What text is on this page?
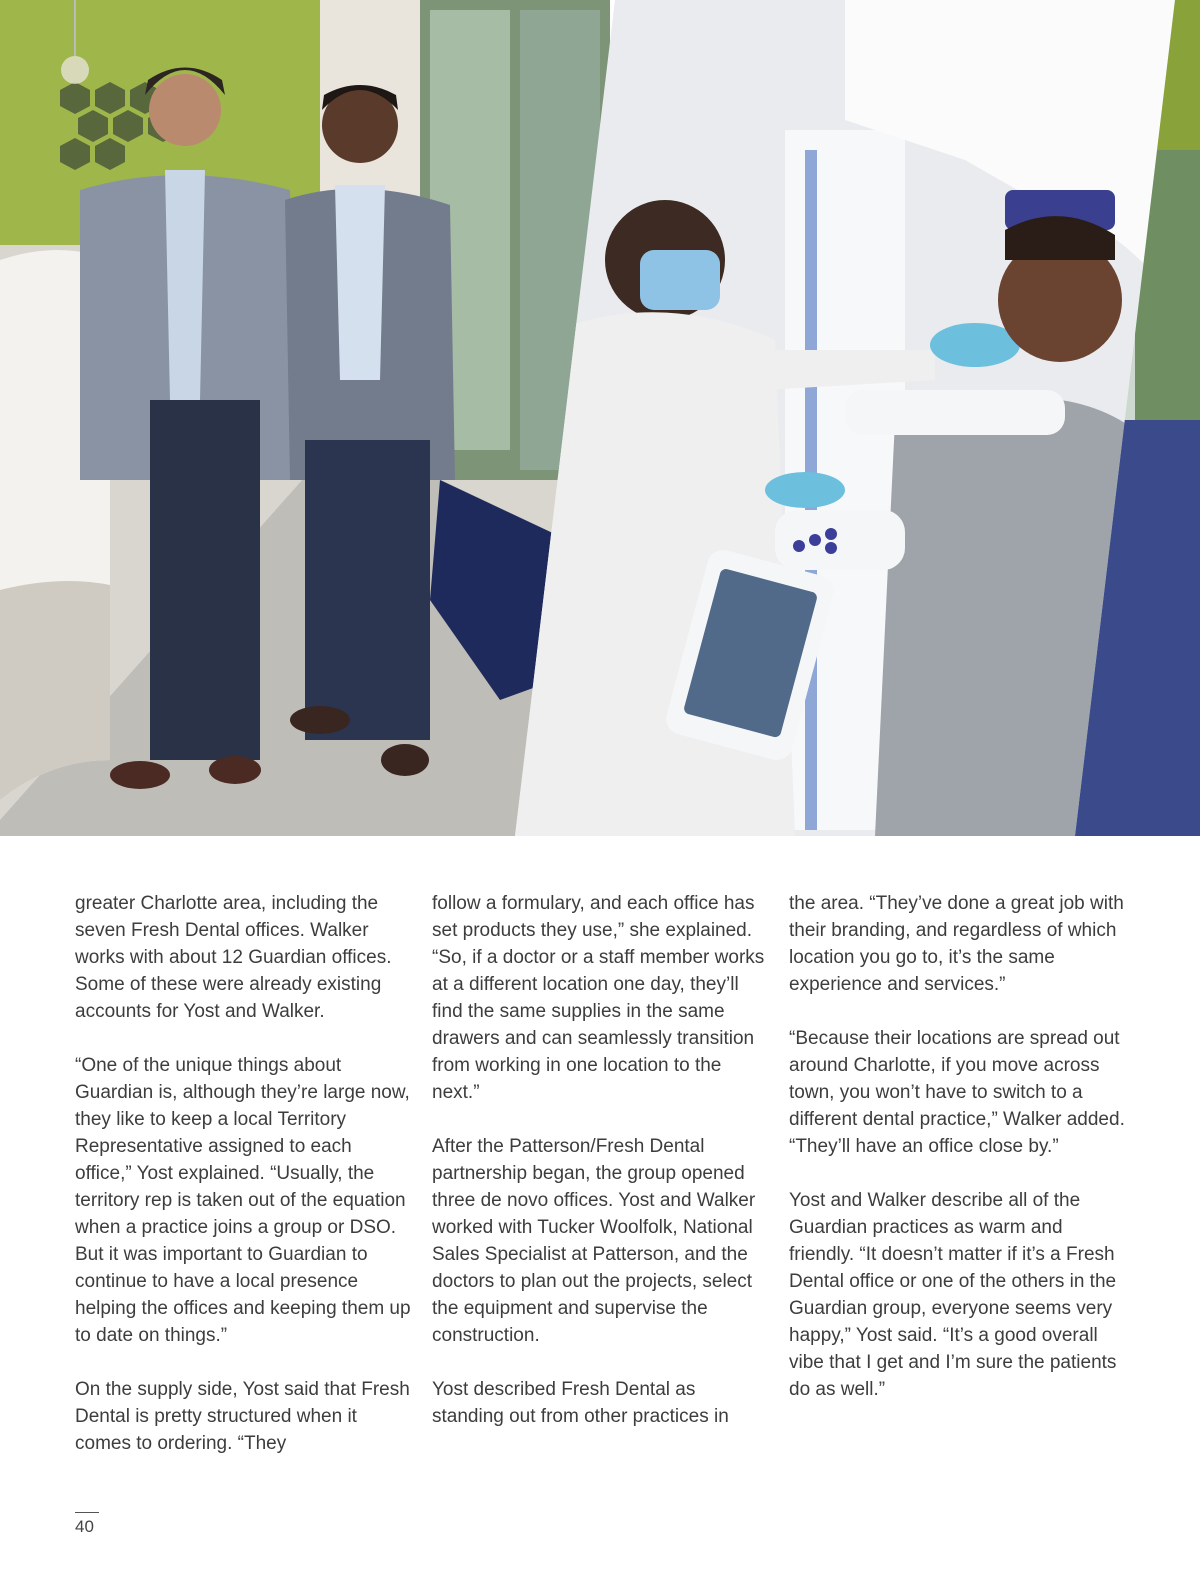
greater Charlotte area, including the seven Fresh Dental offices. Walker works with about 12 Guardian offices. Some of these were already existing accounts for Yost and Walker.

“One of the unique things about Guardian is, although they’re large now, they like to keep a local Territory Representative assigned to each office,” Yost explained. “Usually, the territory rep is taken out of the equation when a practice joins a group or DSO. But it was important to Guardian to continue to have a local presence helping the offices and keeping them up to date on things.”

On the supply side, Yost said that Fresh Dental is pretty structured when it comes to ordering. “They

follow a formulary, and each office has set products they use,” she explained. “So, if a doctor or a staff member works at a different location one day, they’ll find the same supplies in the same drawers and can seamlessly transition from working in one location to the next.”

After the Patterson/Fresh Dental partnership began, the group opened three de novo offices. Yost and Walker worked with Tucker Woolfolk, National Sales Specialist at Patterson, and the doctors to plan out the projects, select the equipment and supervise the construction.

Yost described Fresh Dental as standing out from other practices in

the area. “They’ve done a great job with their branding, and regardless of which location you go to, it’s the same experience and services.”

“Because their locations are spread out around Charlotte, if you move across town, you won’t have to switch to a different dental practice,” Walker added. “They’ll have an office close by.”

Yost and Walker describe all of the Guardian practices as warm and friendly. “It doesn’t matter if it’s a Fresh Dental office or one of the others in the Guardian group, everyone seems very happy,” Yost said. “It’s a good overall vibe that I get and I’m sure the patients do as well.”

40
